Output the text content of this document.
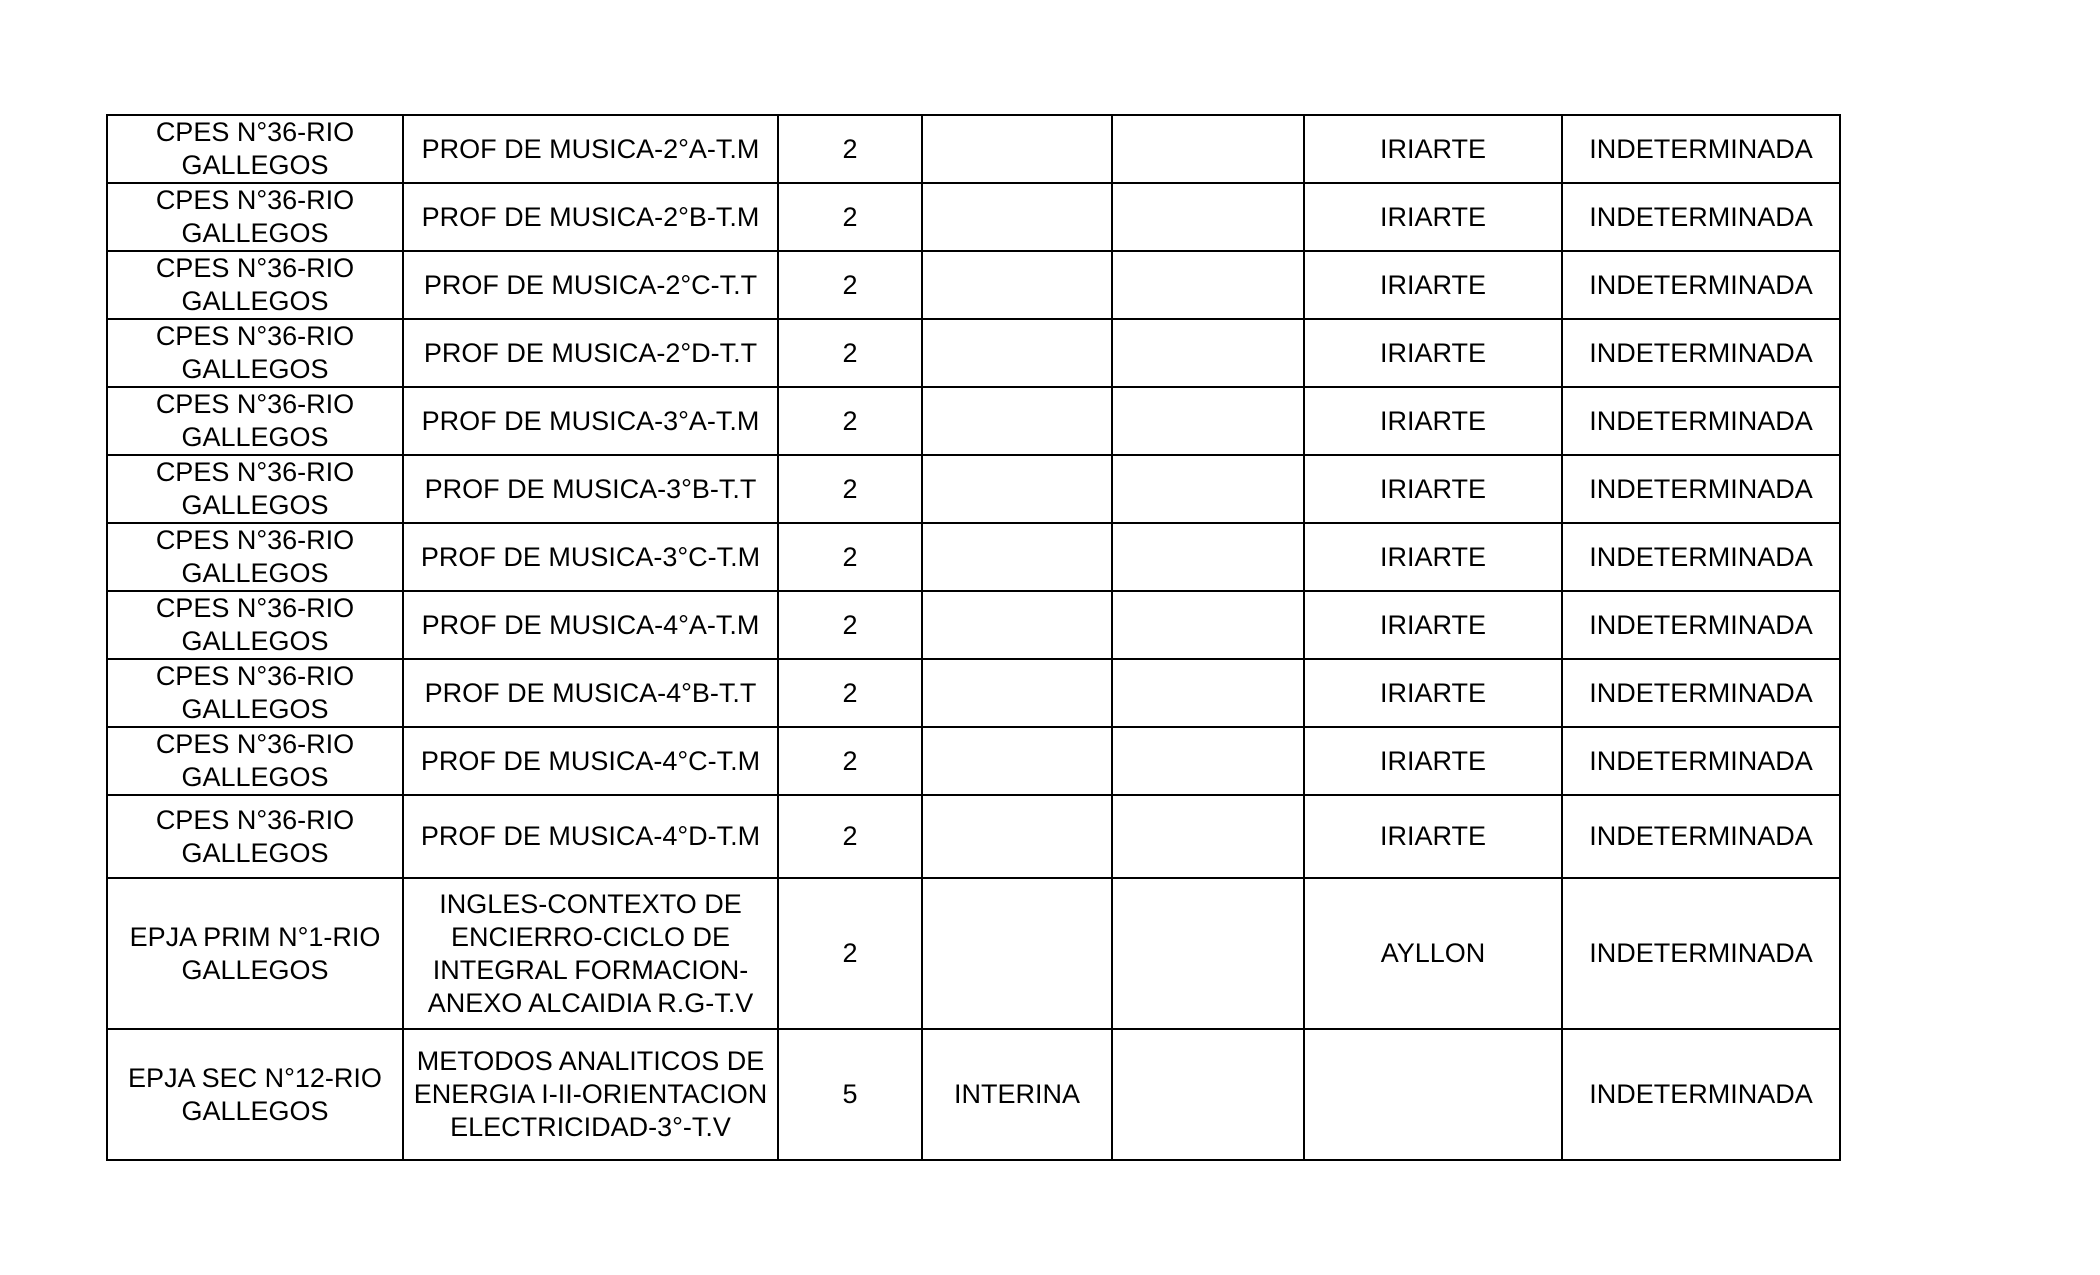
CPES N°36-RIO GALLEGOS	PROF DE MUSICA-2°A-T.M	2			IRIARTE	INDETERMINADA
CPES N°36-RIO GALLEGOS	PROF DE MUSICA-2°B-T.M	2			IRIARTE	INDETERMINADA
CPES N°36-RIO GALLEGOS	PROF DE MUSICA-2°C-T.T	2			IRIARTE	INDETERMINADA
CPES N°36-RIO GALLEGOS	PROF DE MUSICA-2°D-T.T	2			IRIARTE	INDETERMINADA
CPES N°36-RIO GALLEGOS	PROF DE MUSICA-3°A-T.M	2			IRIARTE	INDETERMINADA
CPES N°36-RIO GALLEGOS	PROF DE MUSICA-3°B-T.T	2			IRIARTE	INDETERMINADA
CPES N°36-RIO GALLEGOS	PROF DE MUSICA-3°C-T.M	2			IRIARTE	INDETERMINADA
CPES N°36-RIO GALLEGOS	PROF DE MUSICA-4°A-T.M	2			IRIARTE	INDETERMINADA
CPES N°36-RIO GALLEGOS	PROF DE MUSICA-4°B-T.T	2			IRIARTE	INDETERMINADA
CPES N°36-RIO GALLEGOS	PROF DE MUSICA-4°C-T.M	2			IRIARTE	INDETERMINADA
CPES N°36-RIO GALLEGOS	PROF DE MUSICA-4°D-T.M	2			IRIARTE	INDETERMINADA
EPJA PRIM N°1-RIO GALLEGOS	INGLES-CONTEXTO DE ENCIERRO-CICLO DE INTEGRAL FORMACION-ANEXO ALCAIDIA R.G-T.V	2			AYLLON	INDETERMINADA
EPJA SEC N°12-RIO GALLEGOS	METODOS ANALITICOS DE ENERGIA I-II-ORIENTACION ELECTRICIDAD-3°-T.V	5	INTERINA			INDETERMINADA
